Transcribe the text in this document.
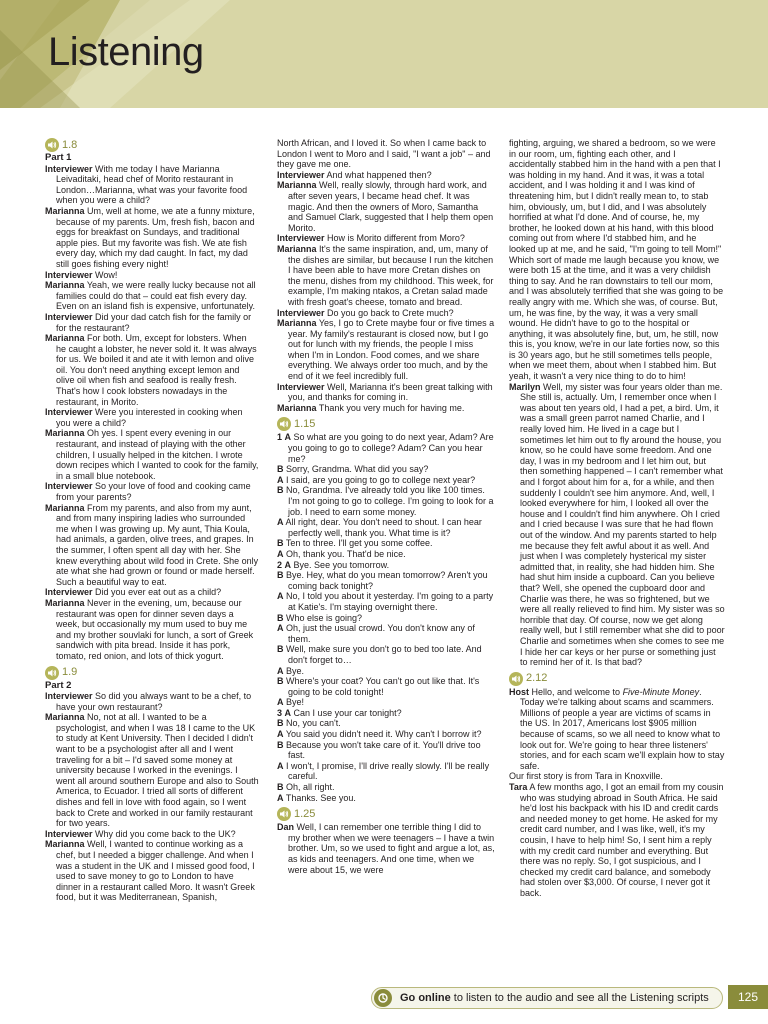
Listening
1.8
Part 1
Interviewer With me today I have Marianna Leivaditaki, head chef of Morito restaurant in London…Marianna, what was your favorite food when you were a child?
Marianna Um, well at home, we ate a funny mixture, because of my parents. Um, fresh fish, bacon and eggs for breakfast on Sundays, and traditional apple pies. But my favorite was fish. We ate fish every day, which my dad caught. In fact, my dad still goes fishing every night!
Interviewer Wow!
Marianna Yeah, we were really lucky because not all families could do that – could eat fish every day. Even on an island fish is expensive, unfortunately.
Interviewer Did your dad catch fish for the family or for the restaurant?
Marianna For both. Um, except for lobsters. When he caught a lobster, he never sold it. It was always for us. We boiled it and ate it with lemon and olive oil. You don't need anything except lemon and olive oil when fish and seafood is really fresh. That's how I cook lobsters nowadays in the restaurant, in Morito.
Interviewer Were you interested in cooking when you were a child?
Marianna Oh yes. I spent every evening in our restaurant, and instead of playing with the other children, I usually helped in the kitchen. I wrote down recipes which I wanted to cook for the family, in a small blue notebook.
Interviewer So your love of food and cooking came from your parents?
Marianna From my parents, and also from my aunt, and from many inspiring ladies who surrounded me when I was growing up. My aunt, Thia Koula, had animals, a garden, olive trees, and grapes. In the summer, I often spent all day with her. She knew everything about wild food in Crete. She only ate what she had grown or found or made herself. Such a beautiful way to eat.
Interviewer Did you ever eat out as a child?
Marianna Never in the evening, um, because our restaurant was open for dinner seven days a week, but occasionally my mum used to buy me and my brother souvlaki for lunch, a sort of Greek sandwich with pita bread. Inside it has pork, tomato, red onion, and lots of thick yogurt.
1.9
Part 2
Interviewer So did you always want to be a chef, to have your own restaurant?
Marianna No, not at all. I wanted to be a psychologist, and when I was 18 I came to the UK to study at Kent University. Then I decided I didn't want to be a psychologist after all and I went traveling for a bit – I'd saved some money at university because I worked in the evenings. I went all around southern Europe and also to South America, to Ecuador. I tried all sorts of different dishes and fell in love with food again, so I went back to Crete and worked in our family restaurant for two years.
Interviewer Why did you come back to the UK?
Marianna Well, I wanted to continue working as a chef, but I needed a bigger challenge. And when I was a student in the UK and I missed good food, I used to save money to go to London to have dinner in a restaurant called Moro. It wasn't Greek food, but it was Mediterranean, Spanish,
North African, and I loved it. So when I came back to London I went to Moro and I said, "I want a job" – and they gave me one.
Interviewer And what happened then?
Marianna Well, really slowly, through hard work, and after seven years, I became head chef. It was magic. And then the owners of Moro, Samantha and Samuel Clark, suggested that I help them open Morito.
Interviewer How is Morito different from Moro?
Marianna It's the same inspiration, and, um, many of the dishes are similar, but because I run the kitchen I have been able to have more Cretan dishes on the menu, dishes from my childhood. This week, for example, I'm making ntakos, a Cretan salad made with fresh goat's cheese, tomato and bread.
Interviewer Do you go back to Crete much?
Marianna Yes, I go to Crete maybe four or five times a year. My family's restaurant is closed now, but I go out for lunch with my friends, the people I miss when I'm in London. Food comes, and we share everything. We always order too much, and by the end of it we feel incredibly full.
Interviewer Well, Marianna it's been great talking with you, and thanks for coming in.
Marianna Thank you very much for having me.
1.15
1 A So what are you going to do next year, Adam? Are you going to go to college? Adam? Can you hear me?
B Sorry, Grandma. What did you say?
A I said, are you going to go to college next year?
B No, Grandma. I've already told you like 100 times. I'm not going to go to college. I'm going to look for a job. I need to earn some money.
A All right, dear. You don't need to shout. I can hear perfectly well, thank you. What time is it?
B Ten to three. I'll get you some coffee.
A Oh, thank you. That'd be nice.
2 A Bye. See you tomorrow.
B Bye. Hey, what do you mean tomorrow? Aren't you coming back tonight?
A No, I told you about it yesterday. I'm going to a party at Katie's. I'm staying overnight there.
B Who else is going?
A Oh, just the usual crowd. You don't know any of them.
B Well, make sure you don't go to bed too late. And don't forget to…
A Bye.
B Where's your coat? You can't go out like that. It's going to be cold tonight!
A Bye!
3 A Can I use your car tonight?
B No, you can't.
A You said you didn't need it. Why can't I borrow it?
B Because you won't take care of it. You'll drive too fast.
A I won't, I promise, I'll drive really slowly. I'll be really careful.
B Oh, all right.
A Thanks. See you.
1.25
Dan Well, I can remember one terrible thing I did to my brother when we were teenagers – I have a twin brother. Um, so we used to fight and argue a lot, as, as kids and teenagers. And one time, when we were about 15, we were
fighting, arguing, we shared a bedroom, so we were in our room, um, fighting each other, and I accidentally stabbed him in the hand with a pen that I was holding in my hand. And it was, it was a total accident, and I was holding it and I was kind of threatening him, but I didn't really mean to, to stab him, obviously, um, but I did, and I was absolutely horrified at what I'd done. And of course, he, my brother, he looked down at his hand, with this blood coming out from where I'd stabbed him, and he looked up at me, and he said, "I'm going to tell Mom!" Which sort of made me laugh because you know, we were both 15 at the time, and it was a very childish thing to say. And he ran downstairs to tell our mom, and I was absolutely terrified that she was going to be really angry with me. Which she was, of course. But, um, he was fine, by the way, it was a very small wound. He didn't have to go to the hospital or anything, it was absolutely fine, but, um, he still, now this is, you know, we're in our late forties now, so this is 30 years ago, but he still sometimes tells people, when we meet them, about when I stabbed him. But yeah, it wasn't a very nice thing to do to him!
Marilyn Well, my sister was four years older than me. She still is, actually. Um, I remember once when I was about ten years old, I had a pet, a bird. Um, it was a small green parrot named Charlie, and I really loved him. He lived in a cage but I sometimes let him out to fly around the house, you know, so he could have some freedom. And one day, I was in my bedroom and I let him out, but then something happened – I can't remember what and I forgot about him for a, for a while, and then suddenly I couldn't see him anymore. And, well, I looked everywhere for him, I looked all over the house and I couldn't find him anywhere. Oh I cried and I cried because I was sure that he had flown out of the window. And my parents started to help me because they felt awful about it as well. And just when I was completely hysterical my sister admitted that, in reality, she had hidden him. She had shut him inside a cupboard. Can you believe that? Well, she opened the cupboard door and Charlie was there, he was so frightened, but we were all really relieved to find him. My sister was so horrible that day. Of course, now we get along really well, but I still remember what she did to poor Charlie and sometimes when she comes to see me I hide her car keys or her purse or something just to remind her of it. Is that bad?
2.12
Host Hello, and welcome to Five-Minute Money. Today we're talking about scams and scammers. Millions of people a year are victims of scams in the US. In 2017, Americans lost $905 million because of scams, so we all need to know what to look out for. We're going to hear three listeners' stories, and for each scam we'll explain how to stay safe.
Our first story is from Tara in Knoxville.
Tara A few months ago, I got an email from my cousin who was studying abroad in South Africa. He said he'd lost his backpack with his ID and credit cards and needed money to get home. He asked for my credit card number, and I was like, well, it's my cousin, I have to help him! So, I sent him a reply with my credit card number and everything. But there was no reply. So, I got suspicious, and I checked my credit card balance, and somebody had stolen over $3,000. Of course, I never got it back.
Go online to listen to the audio and see all the Listening scripts	125
